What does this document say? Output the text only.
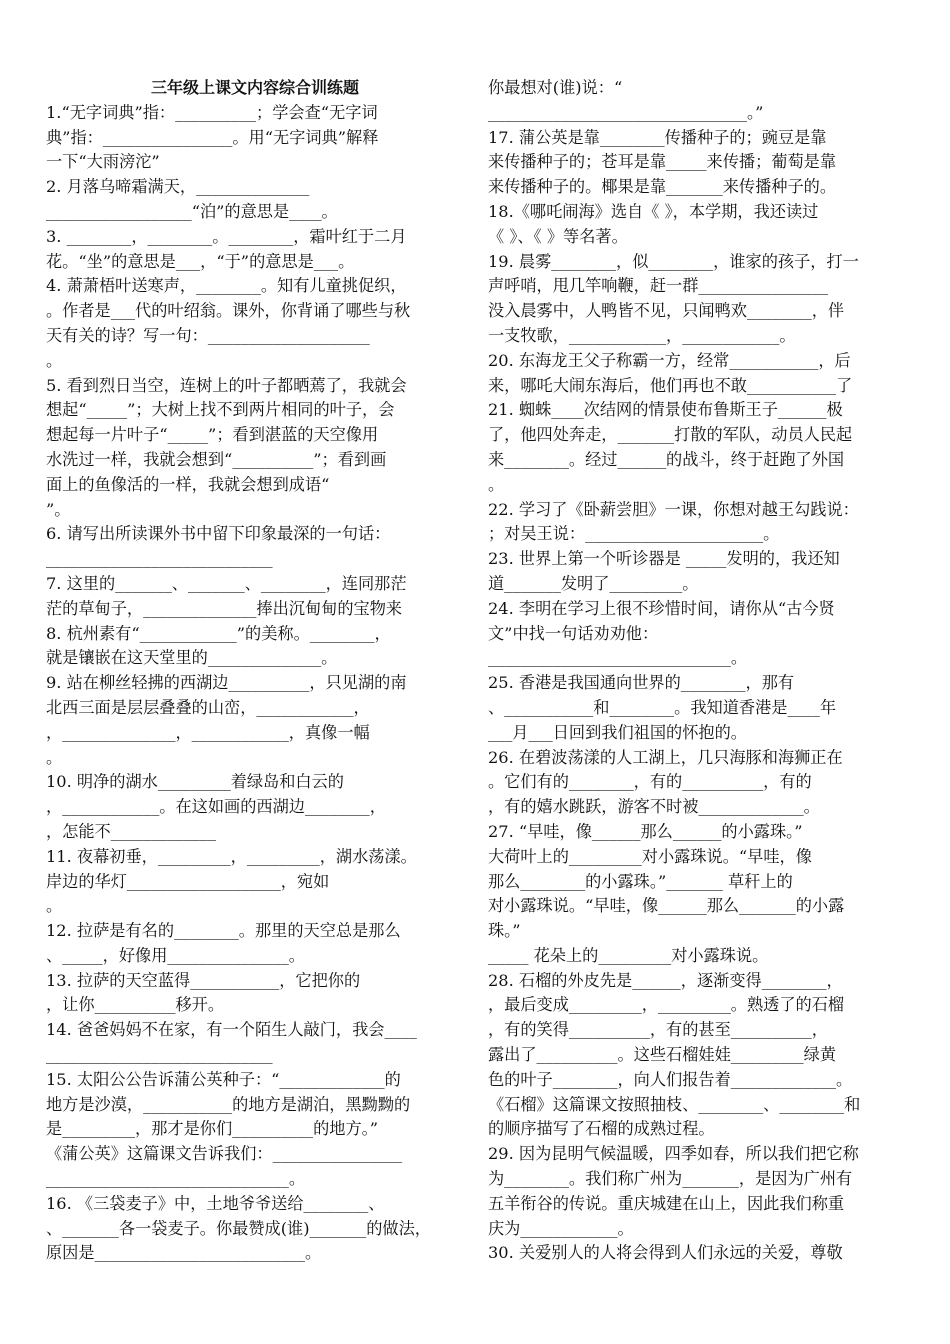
三年级上课文内容综合训练题
1.“无字词典”指：__________；学会查“无字词
典”指：________________。用“无字词典”解释
一下“大雨滂沱”
2. 月落乌啼霜满天，______________
__________________“泊”的意思是____。
3. ________，________。________，霜叶红于二月
花。“坐”的意思是___，“于”的意思是___。
4. 萧萧梧叶送寒声，________。知有儿童挑促织，
。作者是___代的叶绍翁。课外，你背诵了哪些与秋
天有关的诗？写一句：____________________
。
5. 看到烈日当空，连树上的叶子都晒蔫了，我就会
想起“_____”；大树上找不到两片相同的叶子，会
想起每一片叶子“_____”；看到湛蓝的天空像用
水洗过一样，我就会想到“__________”；看到画
面上的鱼像活的一样，我就会想到成语“
”。
6. 请写出所读课外书中留下印象最深的一句话：
____________________________
7. 这里的_______、_______、________，连同那茫
茫的草甸子，______________捧出沉甸甸的宝物来
8. 杭州素有“____________”的美称。________，
就是镶嵌在这天堂里的______________。
9. 站在柳丝轻拂的西湖边__________，只见湖的南
北西三面是层层叠叠的山峦，____________，
，______________，____________，真像一幅
。
10. 明净的湖水_________着绿岛和白云的
，____________。在这如画的西湖边________，
，怎能不_____________
11. 夜幕初垂，_________，_________，湖水荡漾。
岸边的华灯___________________，宛如
。
12. 拉萨是有名的________。那里的天空总是那么
、_____，好像用_______________。
13. 拉萨的天空蓝得___________，它把你的
，让你__________移开。
14. 爸爸妈妈不在家，有一个陌生人敲门，我会____
____________________________
15. 太阳公公告诉蒲公英种子：“_____________的
地方是沙漠，___________的地方是湖泊，黑黝黝的
是_________，那才是你们__________的地方。”
《蒲公英》这篇课文告诉我们：________________
______________________________。
16. 《三袋麦子》中，土地爷爷送给________、
、_______各一袋麦子。你最赞成(谁)_______的做法，
原因是__________________________。
你最想对(谁)说：“
________________________________。”
17. 蒲公英是靠________传播种子的；豌豆是靠
来传播种子的；苍耳是靠_____来传播；葡萄是靠
来传播种子的。椰果是靠_______来传播种子的。
18.《哪吒闹海》选自《 》，本学期，我还读过
《 》、《 》等名著。
19. 晨雾________，似________，谁家的孩子，打一
声呼哨，甩几竿响鞭，赶一群________________
没入晨雾中，人鸭皆不见，只闻鸭欢________，伴
一支牧歌，____________，____________。
20. 东海龙王父子称霸一方，经常___________，后
来，哪吒大闹东海后，他们再也不敢___________了
21. 蜘蛛____次结网的情景使布鲁斯王子______极
了，他四处奔走，_______打散的军队，动员人民起
来________。经过______的战斗，终于赶跑了外国
。
22. 学习了《卧薪尝胆》一课，你想对越王勾践说：
；对吴王说：______________________。
23. 世界上第一个听诊器是 _____发明的，我还知
道_______发明了_________。
24. 李明在学习上很不珍惜时间，请你从“古今贤
文”中找一句话劝劝他：
______________________________。
25. 香港是我国通向世界的________，那有
、___________和________。我知道香港是____年
___月___日回到我们祖国的怀抱的。
26. 在碧波荡漾的人工湖上，几只海豚和海狮正在
。它们有的________，有的__________，有的
，有的嬉水跳跃，游客不时被_____________。
27. “早哇，像______那么______的小露珠。”
大荷叶上的_________对小露珠说。“早哇，像
那么________的小露珠。”_______ 草秆上的
对小露珠说。“早哇，像______那么_______的小露
珠。”
_____ 花朵上的_________对小露珠说。
28. 石榴的外皮先是______，逐渐变得________，
，最后变成_________，_________。熟透了的石榴
，有的笑得__________，有的甚至__________，
露出了__________。这些石榴娃娃_________绿黄
色的叶子________，向人们报告着_____________。
《石榴》这篇课文按照抽枝、________、________和
的顺序描写了石榴的成熟过程。
29. 因为昆明气候温暖，四季如春，所以我们把它称
为________。我们称广州为_______，是因为广州有
五羊衔谷的传说。重庆城建在山上，因此我们称重
庆为____________。
30. 关爱别人的人将会得到人们永远的关爱，尊敬
